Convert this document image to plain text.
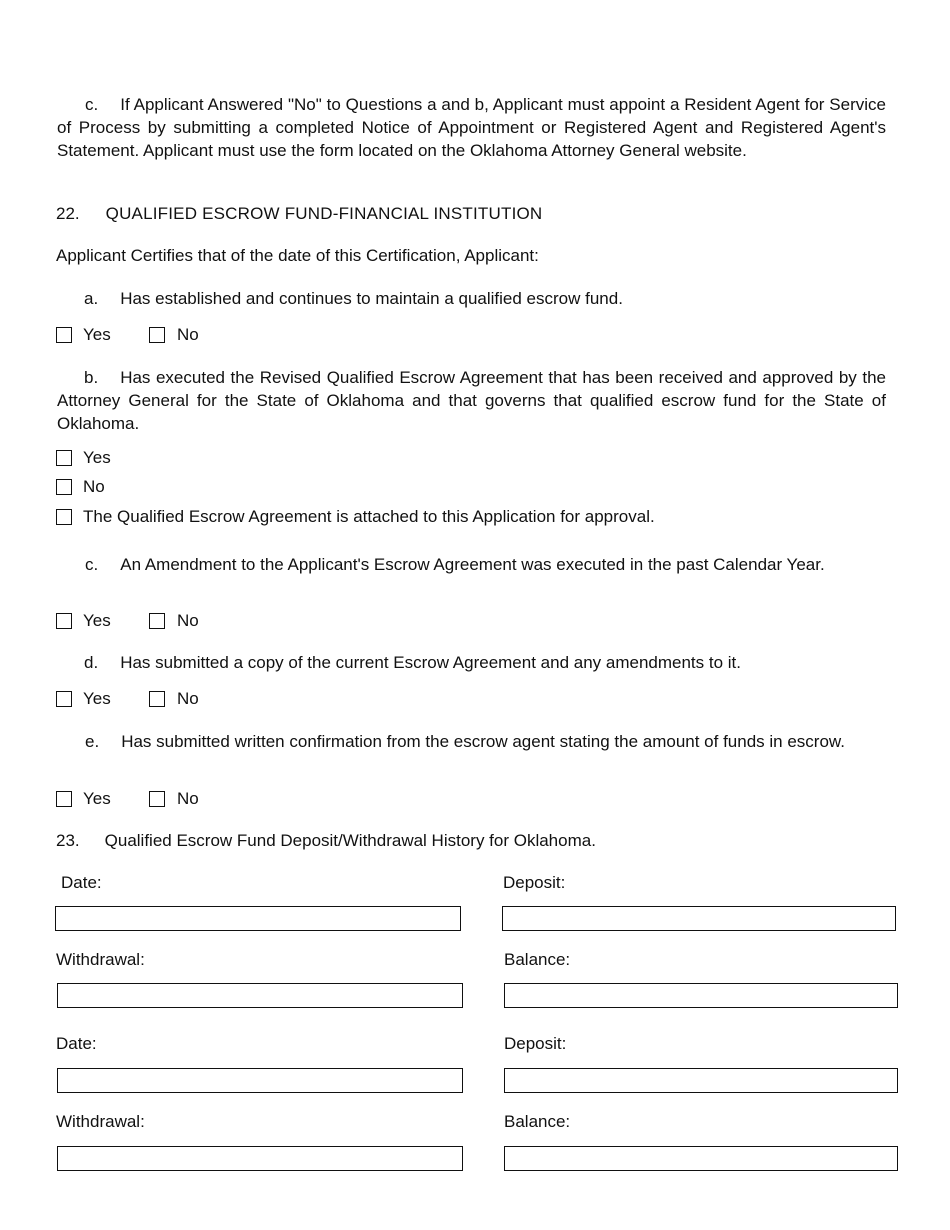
c. If Applicant Answered "No" to Questions a and b, Applicant must appoint a Resident Agent for Service of Process by submitting a completed Notice of Appointment or Registered Agent and Registered Agent's Statement. Applicant must use the form located on the Oklahoma Attorney General website.

22. QUALIFIED ESCROW FUND-FINANCIAL INSTITUTION
Applicant Certifies that of the date of this Certification, Applicant:
a. Has established and continues to maintain a qualified escrow fund.
Yes	No

b. Has executed the Revised Qualified Escrow Agreement that has been received and approved by the Attorney General for the State of Oklahoma and that governs that qualified escrow fund for the State of Oklahoma.

Yes
No
The Qualified Escrow Agreement is attached to this Application for approval.

c. An Amendment to the Applicant's Escrow Agreement was executed in the past Calendar Year.

Yes	No
d. Has submitted a copy of the current Escrow Agreement and any amendments to it.
Yes	No

e. Has submitted written confirmation from the escrow agent stating the amount of funds in escrow.

Yes	No
23. Qualified Escrow Fund Deposit/Withdrawal History for Oklahoma.
Date:	Deposit:
Withdrawal:	Balance:
Date:	Deposit:
Withdrawal:	Balance:
